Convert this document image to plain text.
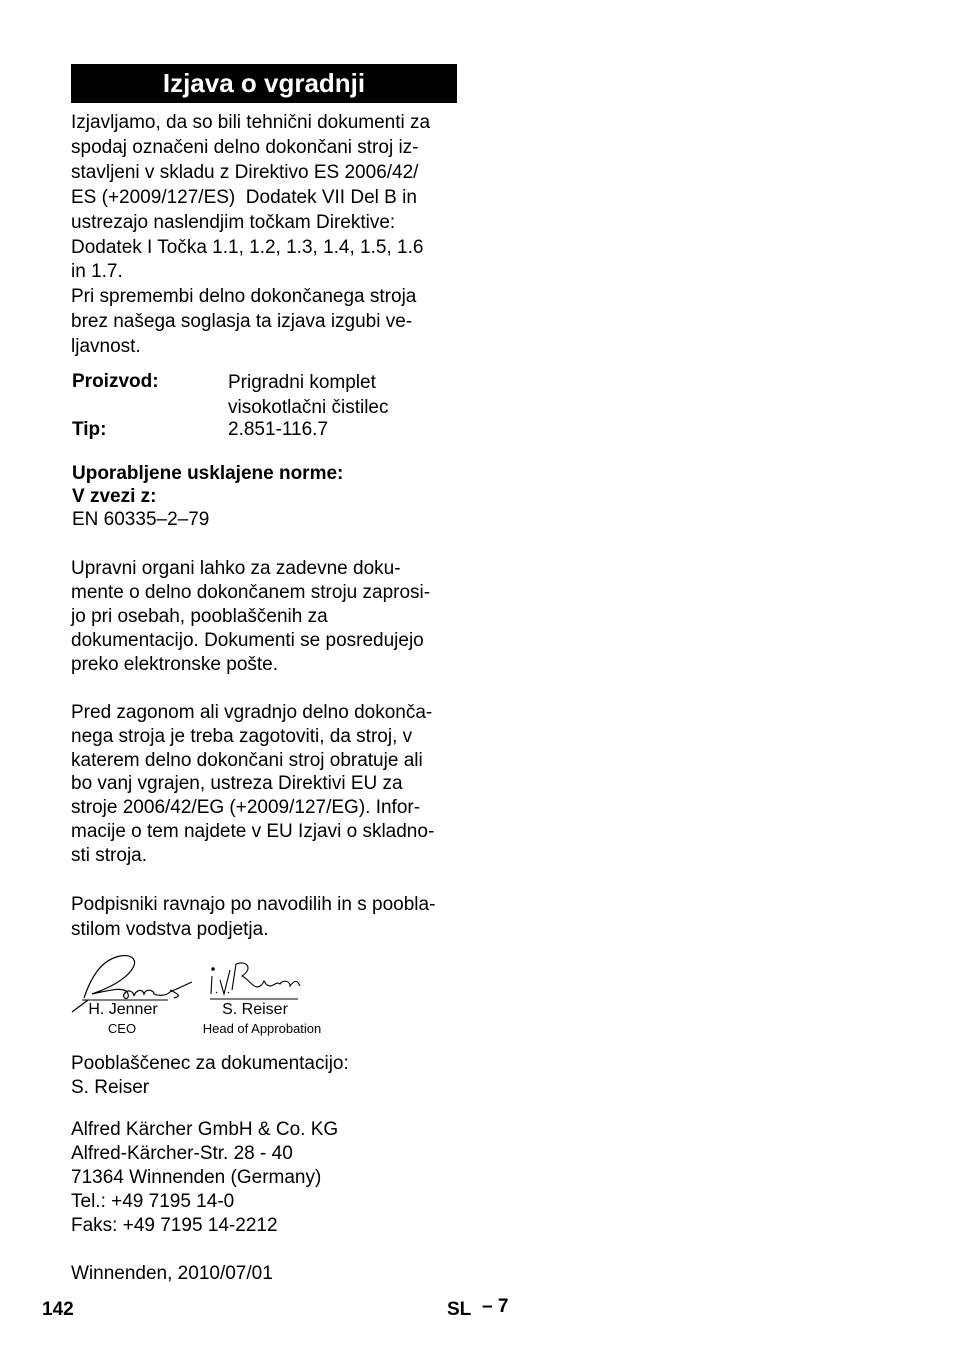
Izjava o vgradnji
Izjavljamo, da so bili tehnični dokumenti za
spodaj označeni delno dokončani stroj iz-
stavljeni v skladu z Direktivo ES 2006/42/
ES (+2009/127/ES)  Dodatek VII Del B in
ustrezajo naslendjim točkam Direktive:
Dodatek I Točka 1.1, 1.2, 1.3, 1.4, 1.5, 1.6
in 1.7.
Pri spremembi delno dokončanega stroja
brez našega soglasja ta izjava izgubi ve-
ljavnost.
Proizvod:	Prigradni komplet
visokotlačni čistilec
Tip:	2.851-116.7
Uporabljene usklajene norme:
V zvezi z:
EN 60335–2–79
Upravni organi lahko za zadevne doku-
mente o delno dokončanem stroju zaprosi-
jo pri osebah, pooblaščenih za
dokumentacijo. Dokumenti se posredujejo
preko elektronske pošte.
Pred zagonom ali vgradnjo delno dokonča-
nega stroja je treba zagotoviti, da stroj, v
katerem delno dokončani stroj obratuje ali
bo vanj vgrajen, ustreza Direktivi EU za
stroje 2006/42/EG (+2009/127/EG). Infor-
macije o tem najdete v EU Izjavi o skladno-
sti stroja.
Podpisniki ravnajo po navodilih in s poobla-
stilom vodstva podjetja.
H. Jenner
CEO
S. Reiser
Head of Approbation
Pooblaščenec za dokumentacijo:
S. Reiser
Alfred Kärcher GmbH & Co. KG
Alfred-Kärcher-Str. 28 - 40
71364 Winnenden (Germany)
Tel.: +49 7195 14-0
Faks: +49 7195 14-2212
Winnenden, 2010/07/01
142	SL – 7
